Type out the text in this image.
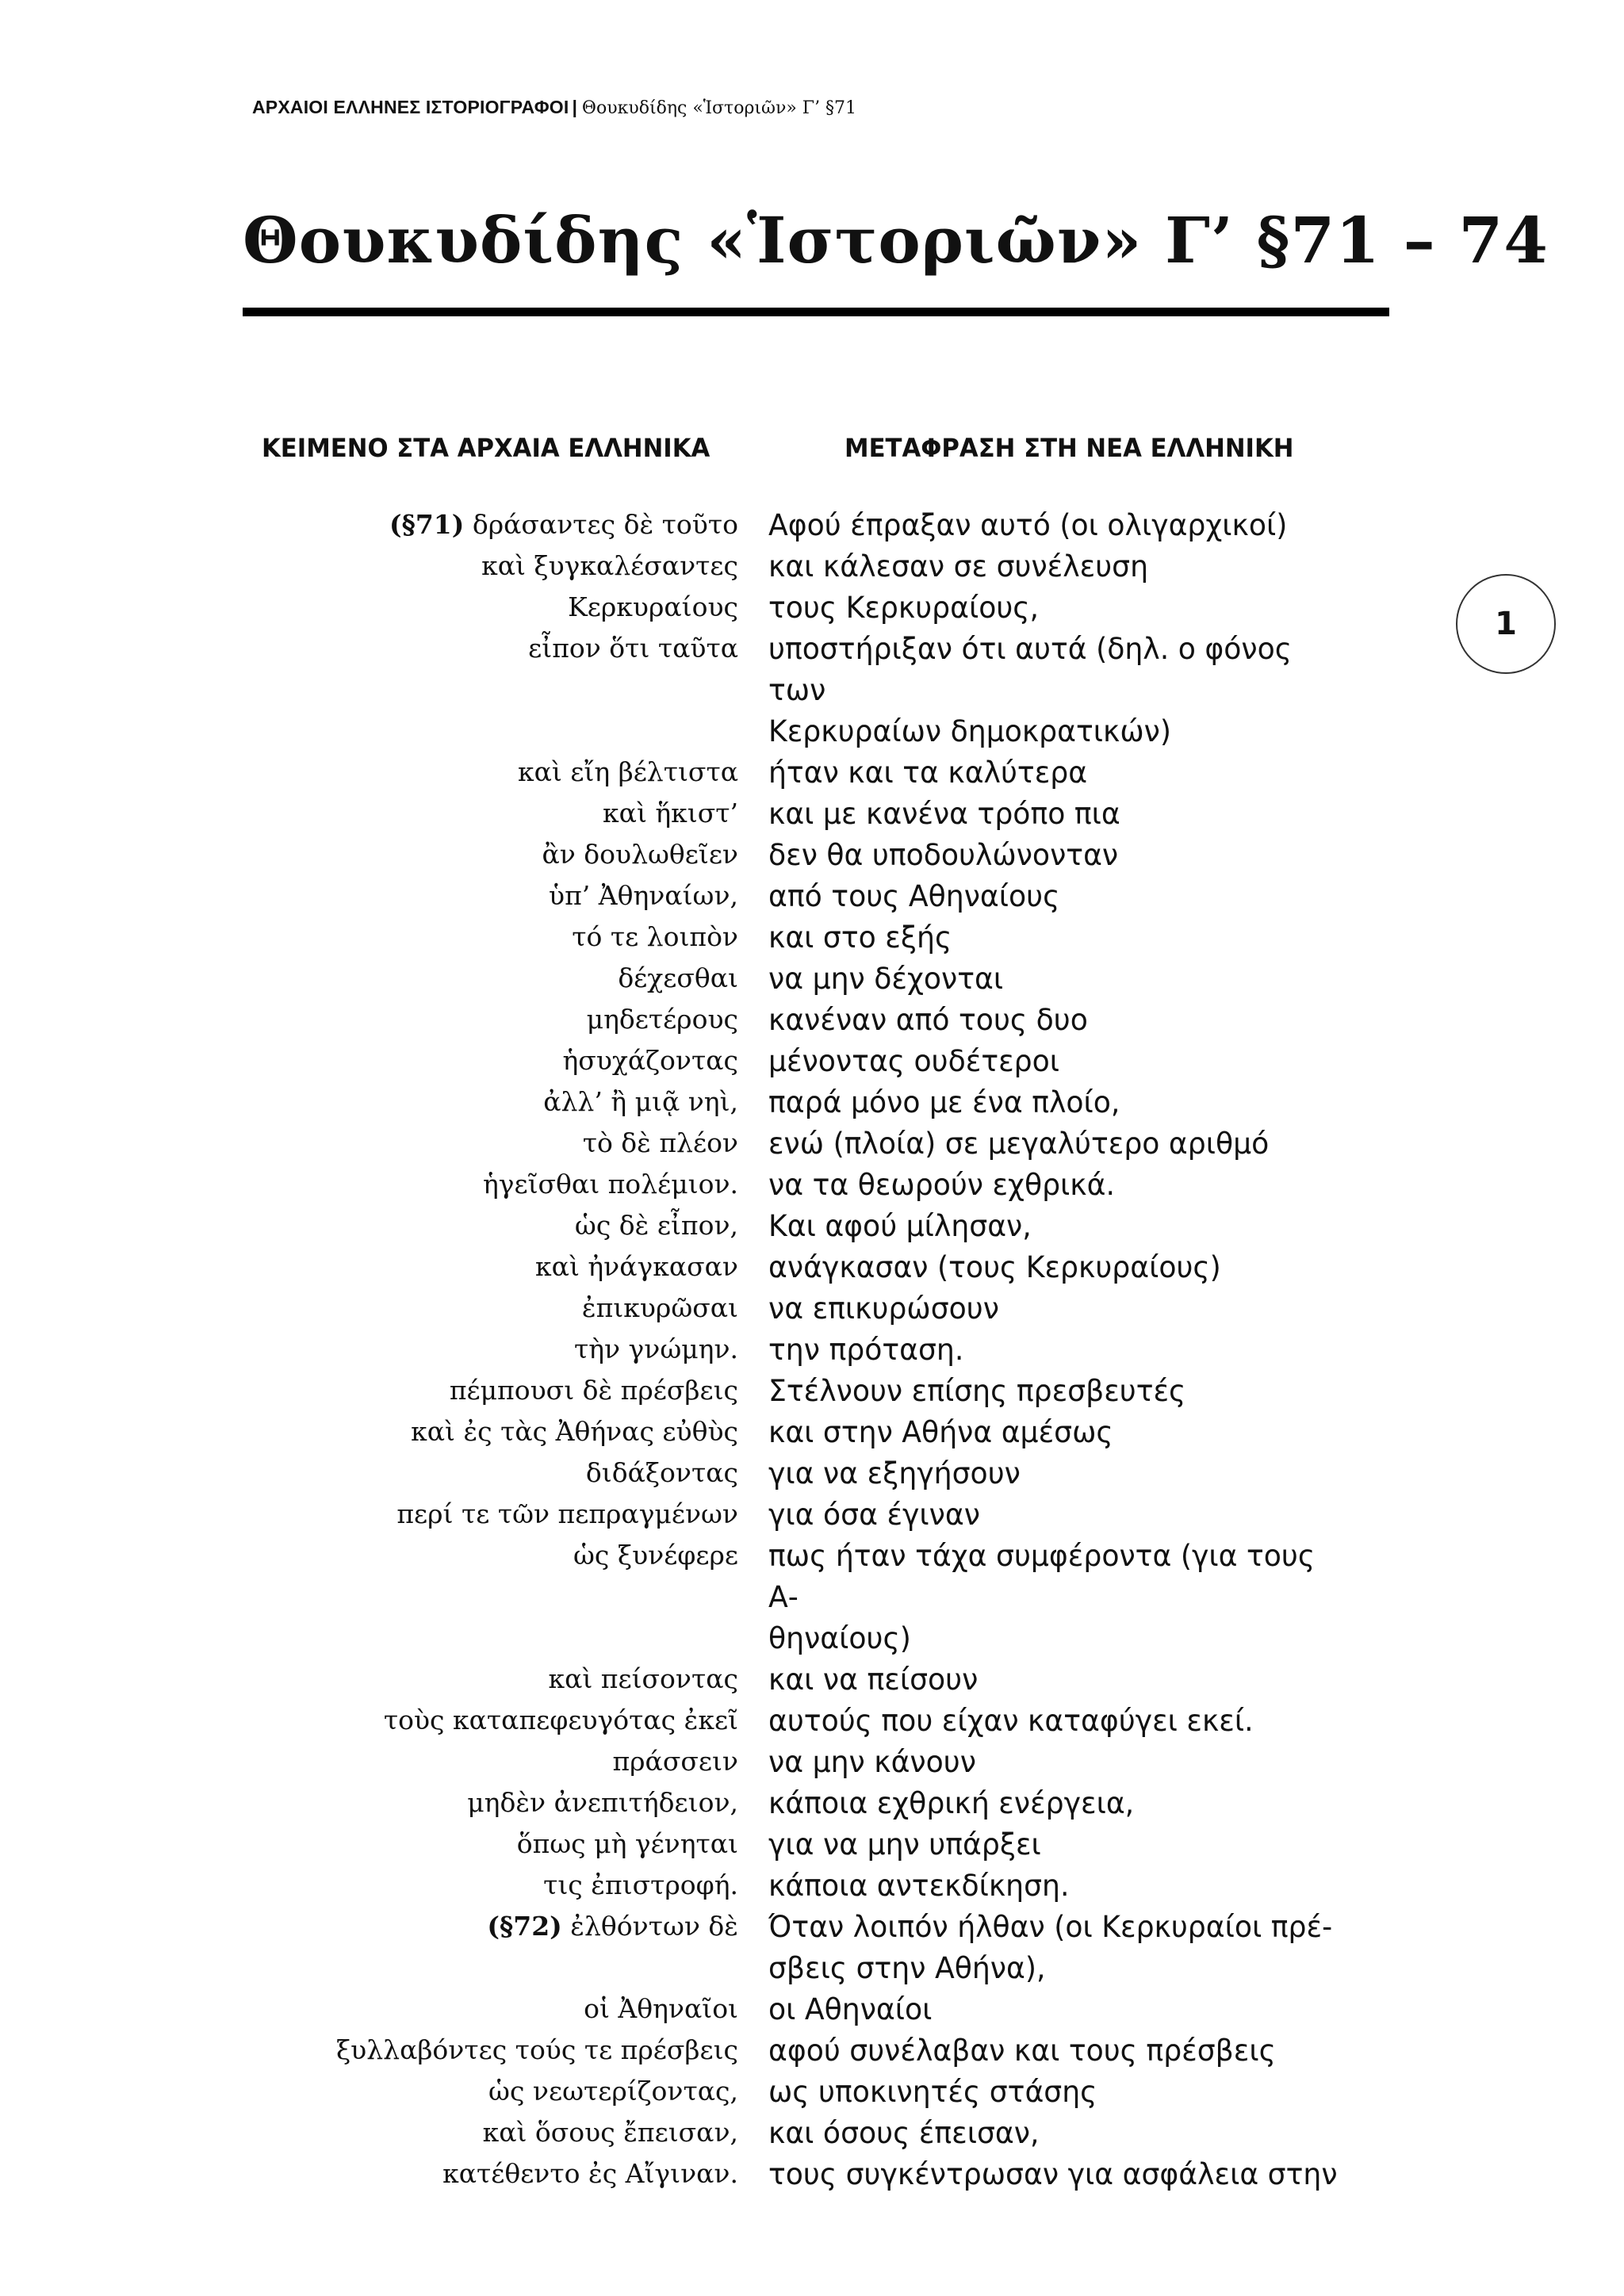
ΑΡΧΑΙΟΙ ΕΛΛΗΝΕΣ ΙΣΤΟΡΙΟΓΡΑΦΟΙ | Θουκυδίδης «Ἱστοριῶν» Γ’ §71
Θουκυδίδης «Ἱστοριῶν» Γ’ §71 – 74
ΚΕΙΜΕΝΟ ΣΤΑ ΑΡΧΑΙΑ ΕΛΛΗΝΙΚΑ	ΜΕΤΑΦΡΑΣΗ ΣΤΗ ΝΕΑ ΕΛΛΗΝΙΚΗ
1
(§71) δράσαντες δὲ τοῦτο Αφού έπραξαν αυτό (οι ολιγαρχικοί)
καὶ ξυγκαλέσαντες και κάλεσαν σε συνέλευση
Κερκυραίους τους Κερκυραίους,
εἶπον ὅτι ταῦτα υποστήριξαν ότι αυτά (δηλ. ο φόνος των
Κερκυραίων δημοκρατικών)
καὶ εἴη βέλτιστα ήταν και τα καλύτερα
καὶ ἥκιστ’ και με κανένα τρόπο πια
ἂν δουλωθεῖεν δεν θα υποδουλώνονταν
ὑπ’ Ἀθηναίων, από τους Αθηναίους
τό τε λοιπὸν και στο εξής
δέχεσθαι να μην δέχονται
μηδετέρους κανέναν από τους δυο
ἡσυχάζοντας μένοντας ουδέτεροι
ἀλλ’ ἢ μιᾷ νηὶ, παρά μόνο με ένα πλοίο,
τὸ δὲ πλέον ενώ (πλοία) σε μεγαλύτερο αριθμό
ἡγεῖσθαι πολέμιον. να τα θεωρούν εχθρικά.
ὡς δὲ εἶπον, Και αφού μίλησαν,
καὶ ἠνάγκασαν ανάγκασαν (τους Κερκυραίους)
ἐπικυρῶσαι να επικυρώσουν
τὴν γνώμην. την πρόταση.
πέμπουσι δὲ πρέσβεις Στέλνουν επίσης πρεσβευτές
καὶ ἐς τὰς Ἀθήνας εὐθὺς και στην Αθήνα αμέσως
διδάξοντας για να εξηγήσουν
περί τε τῶν πεπραγμένων για όσα έγιναν
ὡς ξυνέφερε πως ήταν τάχα συμφέροντα (για τους Α-
θηναίους)
καὶ πείσοντας και να πείσουν
τοὺς καταπεφευγότας ἐκεῖ αυτούς που είχαν καταφύγει εκεί.
πράσσειν να μην κάνουν
μηδὲν ἀνεπιτήδειον, κάποια εχθρική ενέργεια,
ὅπως μὴ γένηται για να μην υπάρξει
τις ἐπιστροφή. κάποια αντεκδίκηση.
(§72) ἐλθόντων δὲ Όταν λοιπόν ήλθαν (οι Κερκυραίοι πρέ-
σβεις στην Αθήνα),
οἱ Ἀθηναῖοι οι Αθηναίοι
ξυλλαβόντες τούς τε πρέσβεις αφού συνέλαβαν και τους πρέσβεις
ὡς νεωτερίζοντας, ως υποκινητές στάσης
καὶ ὅσους ἔπεισαν, και όσους έπεισαν,
κατέθεντο ἐς Αἴγιναν. τους συγκέντρωσαν για ασφάλεια στην
